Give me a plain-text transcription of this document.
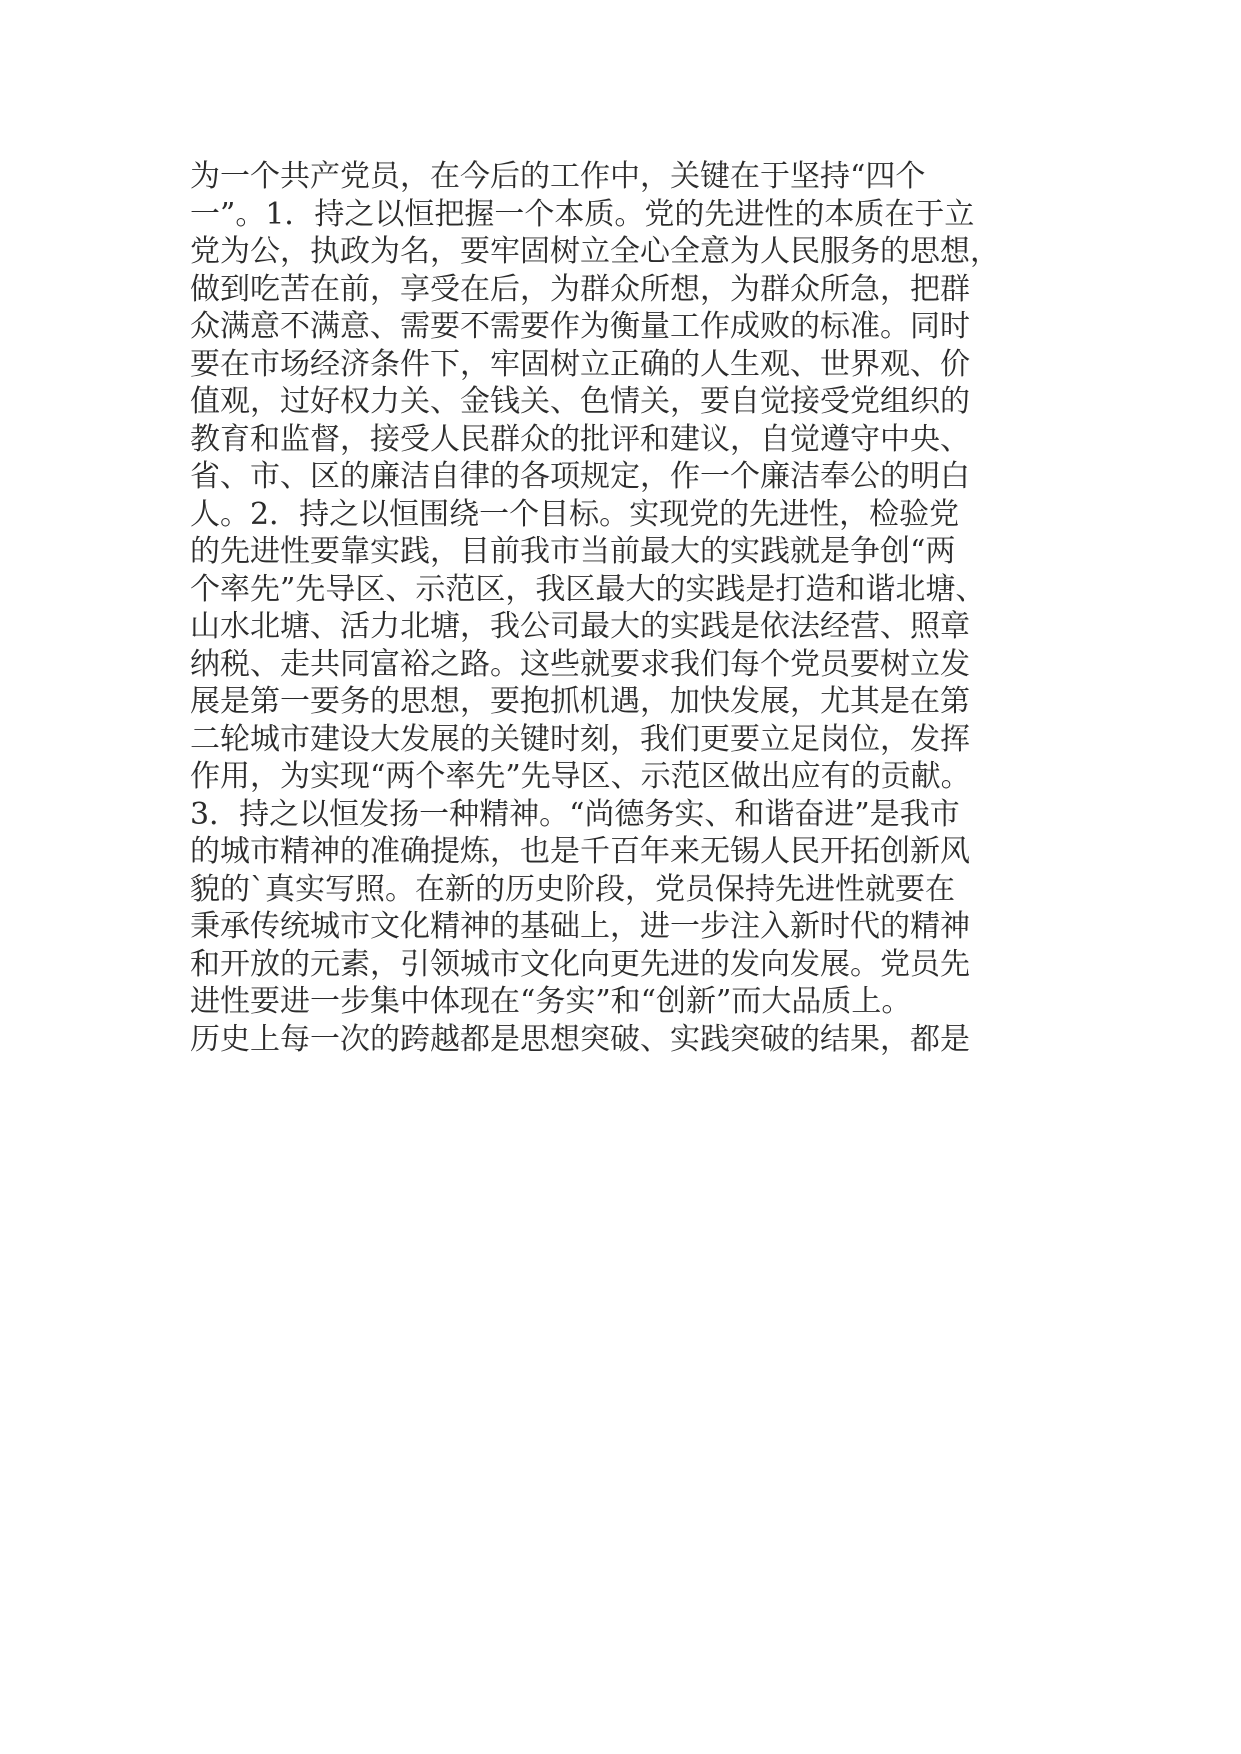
为一个共产党员，在今后的工作中，关键在于坚持“四个
一”。1．持之以恒把握一个本质。党的先进性的本质在于立
党为公，执政为名，要牢固树立全心全意为人民服务的思想，
做到吃苦在前，享受在后，为群众所想，为群众所急，把群
众满意不满意、需要不需要作为衡量工作成败的标准。同时
要在市场经济条件下，牢固树立正确的人生观、世界观、价
值观，过好权力关、金钱关、色情关，要自觉接受党组织的
教育和监督，接受人民群众的批评和建议，自觉遵守中央、
省、市、区的廉洁自律的各项规定，作一个廉洁奉公的明白
人。2．持之以恒围绕一个目标。实现党的先进性，检验党
的先进性要靠实践，目前我市当前最大的实践就是争创“两
个率先”先导区、示范区，我区最大的实践是打造和谐北塘、
山水北塘、活力北塘，我公司最大的实践是依法经营、照章
纳税、走共同富裕之路。这些就要求我们每个党员要树立发
展是第一要务的思想，要抱抓机遇，加快发展，尤其是在第
二轮城市建设大发展的关键时刻，我们更要立足岗位，发挥
作用，为实现“两个率先”先导区、示范区做出应有的贡献。
3．持之以恒发扬一种精神。“尚德务实、和谐奋进”是我市
的城市精神的准确提炼，也是千百年来无锡人民开拓创新风
貌的`真实写照。在新的历史阶段，党员保持先进性就要在
秉承传统城市文化精神的基础上，进一步注入新时代的精神
和开放的元素，引领城市文化向更先进的发向发展。党员先
进性要进一步集中体现在“务实”和“创新”而大品质上。
历史上每一次的跨越都是思想突破、实践突破的结果，都是
